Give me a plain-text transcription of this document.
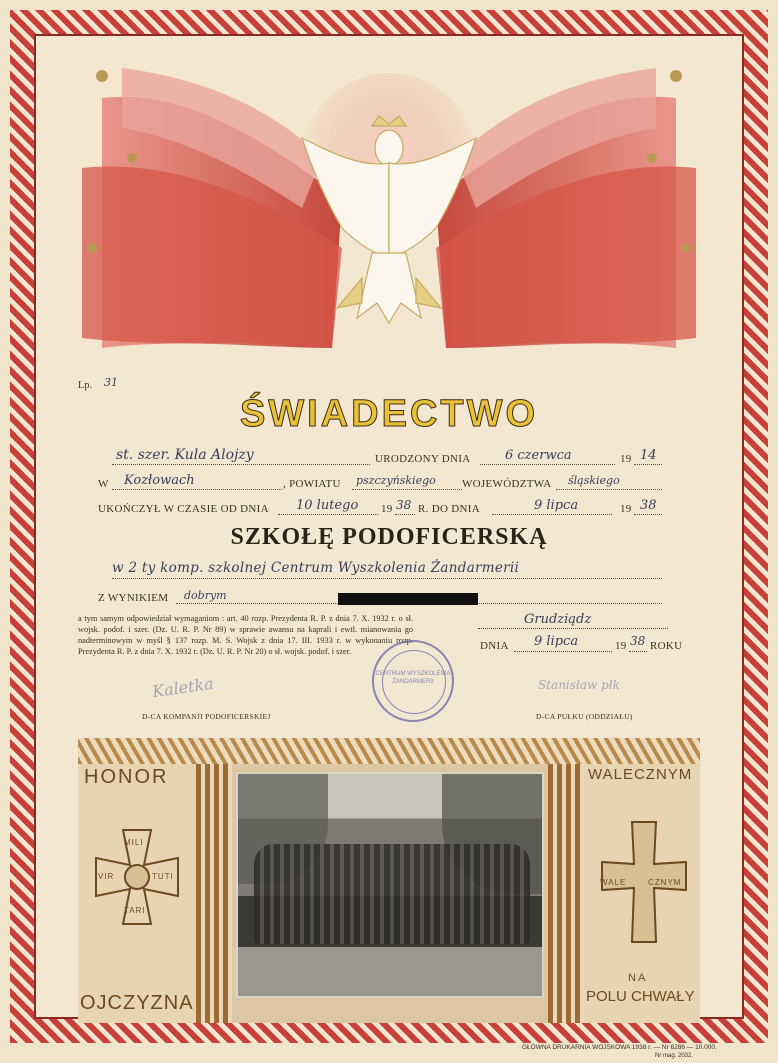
Lp. 31
ŚWIADECTWO
st. szer. Kula Alojzy	URODZONY DNIA	6 czerwca	19 14
W Kozłowach	, POWIATU pszczyńskiego WOJEWÓDZTWA śląskiego
UKOŃCZYŁ W CZASIE OD DNIA 10 lutego 19 38 R. DO DNIA	9 lipca	19 38
SZKOŁĘ PODOFICERSKĄ
w 2 ty komp. szkolnej Centrum Wyszkolenia Żandarmerii
Z WYNIKIEM dobrym
a tym samym odpowiedział wymaganiom : art. 40 rozp. Prezydenta R. P. z dnia 7. X. 1932 r. o sł. wojsk. podof. i szer. (Dz. U. R. P. Nr 89) w sprawie awansu na kaprali i ewtl. mianowania go nadterminowym w myśl § 137 rozp. M. S. Wojsk z dnia 17. III. 1933 r. w wykonaniu rozp. Prezydenta R. P. z dnia 7. X. 1932 r. (Dz. U. R. P. Nr 20) o sł. wojsk. podof. i szer.
Grudziądz
DNIA 9 lipca	19 38 ROKU
CENTRUM WYSZKOLENIA ŻANDARMERII
Kaletka	Stanisław płk
D-CA KOMPANJI PODOFICERSKIEJ	D-CA PUŁKU (ODDZIAŁU)
HONOR
MILI
VIR	TUTI
TARI
OJCZYZNA
WALECZNYM
WALE	CZNYM
NA
POLU CHWAŁY
GŁÓWNA DRUKARNIA WOJSKOWA 1938 r. — Nr 6286 — 10.000.
Nr mag. 2032.
